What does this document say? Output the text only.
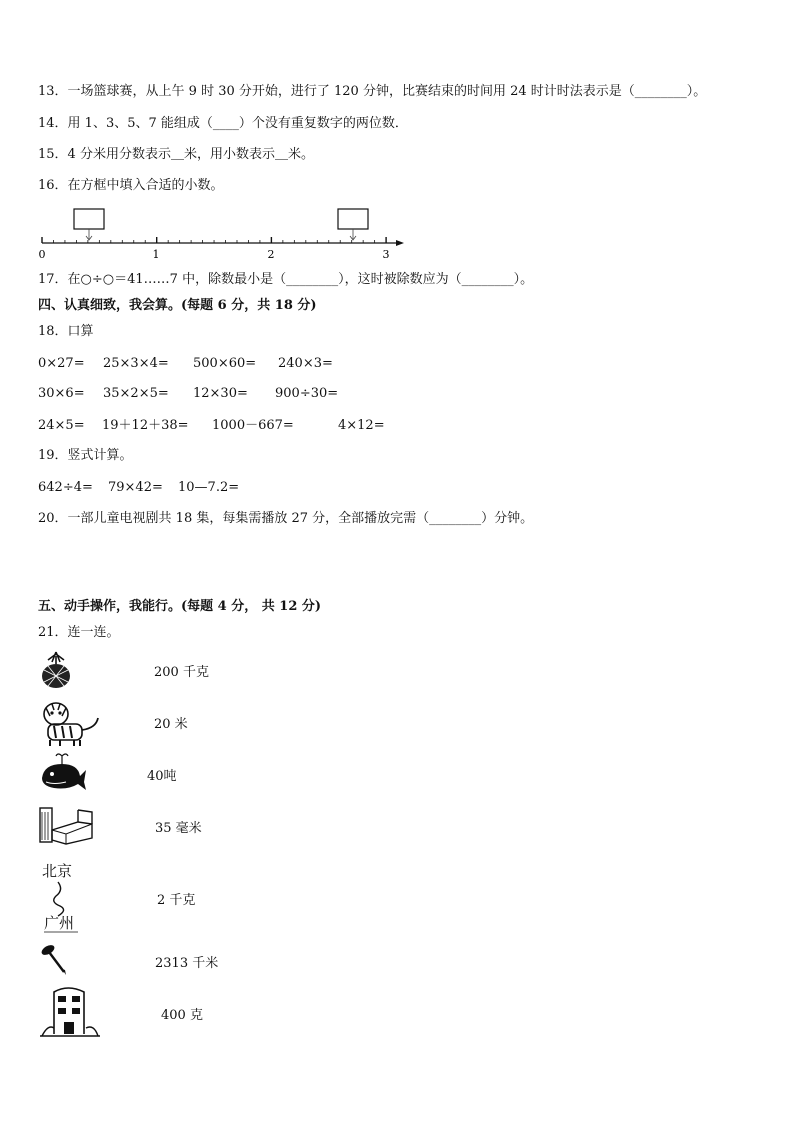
13．一场篮球赛，从上午 9 时 30 分开始，进行了 120 分钟，比赛结束的时间用 24 时计时法表示是（________）。
14．用 1、3、5、7 能组成（____）个没有重复数字的两位数．
15．4 分米用分数表示＿米，用小数表示＿米。
16．在方框中填入合适的小数。
0	1	2	3
17．在○÷○＝41……7 中，除数最小是（________），这时被除数应为（________）。
四、认真细致，我会算。(每题 6 分，共 18 分)
18．口算
0×27= 25×3×4= 500×60= 240×3=
30×6= 35×2×5= 12×30= 900÷30=
24×5= 19＋12＋38= 1000－667=	4×12=
19．竖式计算。
642÷4= 79×42= 10—7.2=
20．一部儿童电视剧共 18 集，每集需播放 27 分，全部播放完需（________）分钟。
五、动手操作，我能行。(每题 4 分， 共 12 分)
21．连一连。
200 千克
20 米
40吨
35 毫米
北京
广州
2 千克
2313 千米
400 克
